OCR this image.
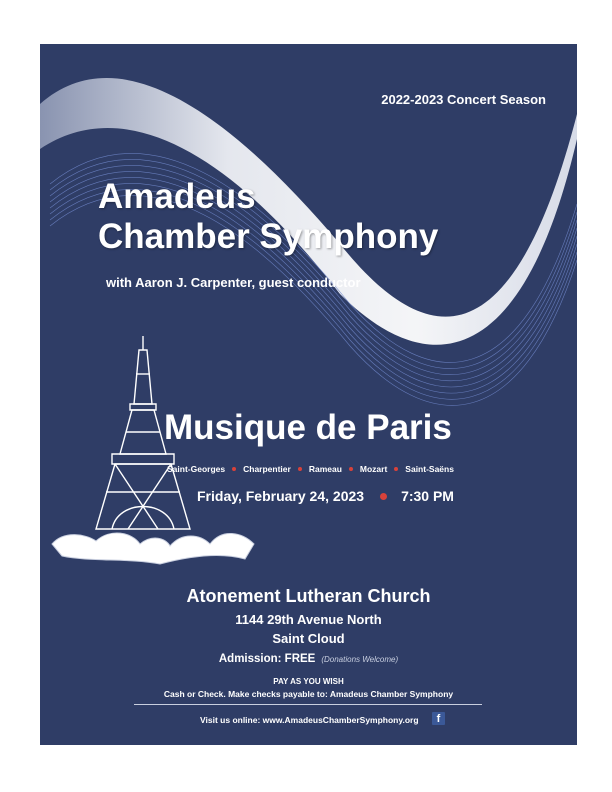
2022-2023 Concert Season
Amadeus
Chamber Symphony
with Aaron J. Carpenter, guest conductor
Musique de Paris
Saint-Georges Charpentier Rameau Mozart Saint-Saëns
Friday, February 24, 2023	7:30 PM
Atonement Lutheran Church
1144 29th Avenue North
Saint Cloud
Admission: FREE (Donations Welcome)
PAY AS YOU WISH
Cash or Check. Make checks payable to: Amadeus Chamber Symphony
Visit us online: www.AmadeusChamberSymphony.org	f
